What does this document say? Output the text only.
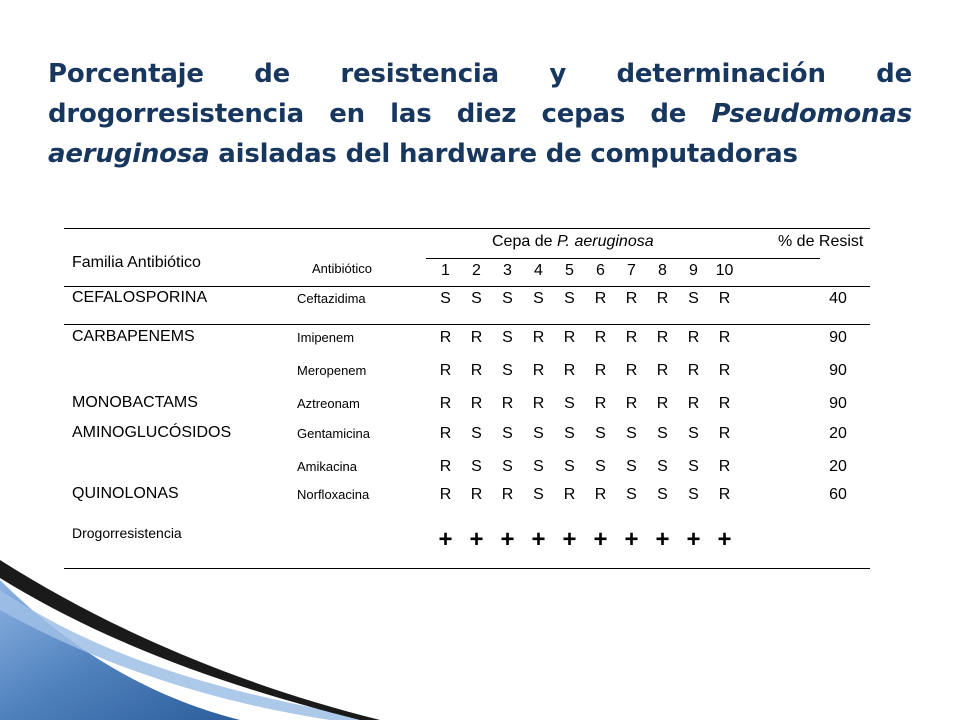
Porcentaje de resistencia y determinación de drogorresistencia en las diez cepas de Pseudomonas aeruginosa aisladas del hardware de computadoras
Familia Antibiótico	Antibiótico
Cepa de P. aeruginosa	% de Resist
1	2	3	4	5	6	7	8	9	10
CEFALOSPORINA	Ceftazidima	S	S	S	S	S	R	R	R	S	R	40
CARBAPENEMS	Imipenem	R	R	S	R	R	R	R	R	R	R	90
Meropenem	R	R	S	R	R	R	R	R	R	R	90
MONOBACTAMS	Aztreonam	R	R	R	R	S	R	R	R	R	R	90
AMINOGLUCÓSIDOS	Gentamicina	R	S	S	S	S	S	S	S	S	R	20
Amikacina	R	S	S	S	S	S	S	S	S	R	20
QUINOLONAS	Norfloxacina	R	R	R	S	R	R	S	S	S	R	60
Drogorresistencia	+ + + + + + + + + +
